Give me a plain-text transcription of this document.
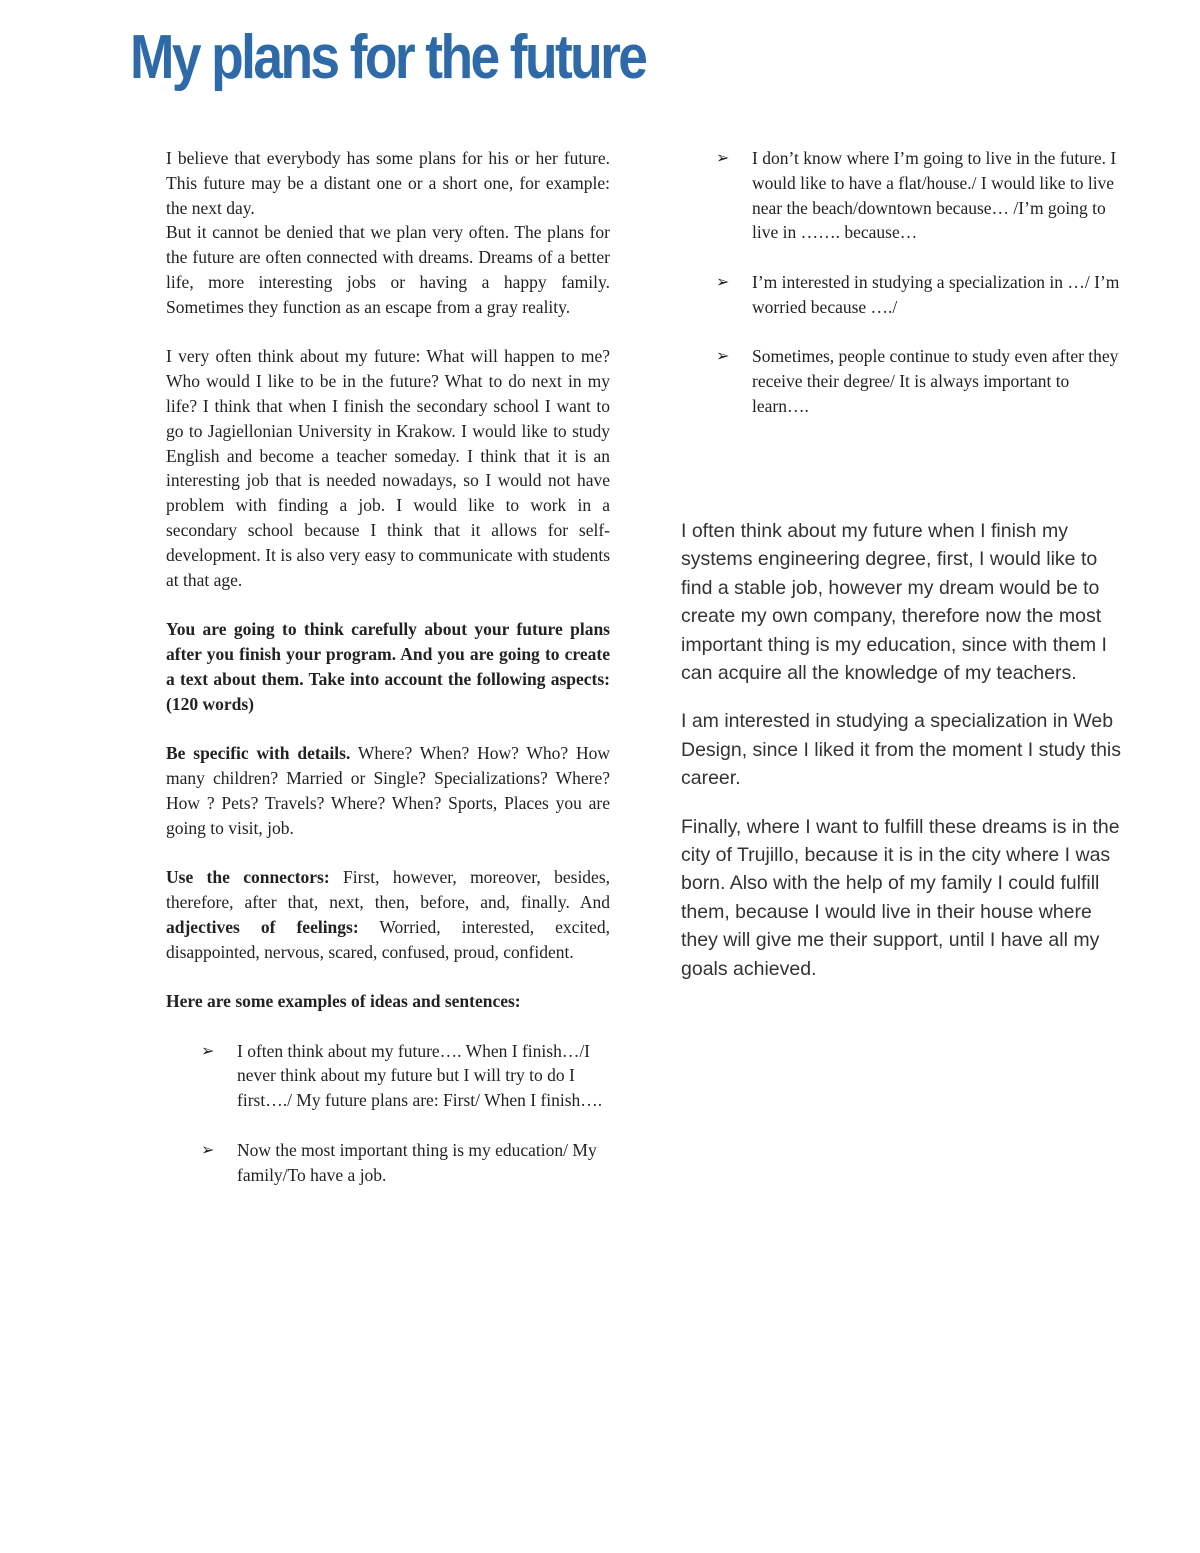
My plans for the future

I believe that everybody has some plans for his or her future. This future may be a distant one or a short one, for example: the next day.

But it cannot be denied that we plan very often. The plans for the future are often connected with dreams. Dreams of a better life, more interesting jobs or having a happy family. Sometimes they function as an escape from a gray reality.

I very often think about my future: What will happen to me? Who would I like to be in the future? What to do next in my life? I think that when I finish the secondary school I want to go to Jagiellonian University in Krakow. I would like to study English and become a teacher someday. I think that it is an interesting job that is needed nowadays, so I would not have problem with finding a job. I would like to work in a secondary school because I think that it allows for self-development. It is also very easy to communicate with students at that age.

You are going to think carefully about your future plans after you finish your program. And you are going to create a text about them. Take into account the following aspects: (120 words)

Be specific with details. Where? When? How? Who? How many children? Married or Single? Specializations? Where? How ? Pets? Travels? Where? When? Sports, Places you are going to visit, job.

Use the connectors: First, however, moreover, besides, therefore, after that, next, then, before, and, finally. And adjectives of feelings: Worried, interested, excited, disappointed, nervous, scared, confused, proud, confident.

Here are some examples of ideas and sentences:

➢ I often think about my future…. When I finish…/I never think about my future but I will try to do I first…./ My future plans are: First/ When I finish….
➢ Now the most important thing is my education/ My family/To have a job.
➢ I don’t know where I’m going to live in the future. I would like to have a flat/house./ I would like to live near the beach/downtown because… /I’m going to live in ……. because…
➢ I’m interested in studying a specialization in …/ I’m worried because …./
➢ Sometimes, people continue to study even after they receive their degree/ It is always important to learn….

I often think about my future when I finish my systems engineering degree, first, I would like to find a stable job, however my dream would be to create my own company, therefore now the most important thing is my education, since with them I can acquire all the knowledge of my teachers.

I am interested in studying a specialization in Web Design, since I liked it from the moment I study this career.

Finally, where I want to fulfill these dreams is in the city of Trujillo, because it is in the city where I was born. Also with the help of my family I could fulfill them, because I would live in their house where they will give me their support, until I have all my goals achieved.
